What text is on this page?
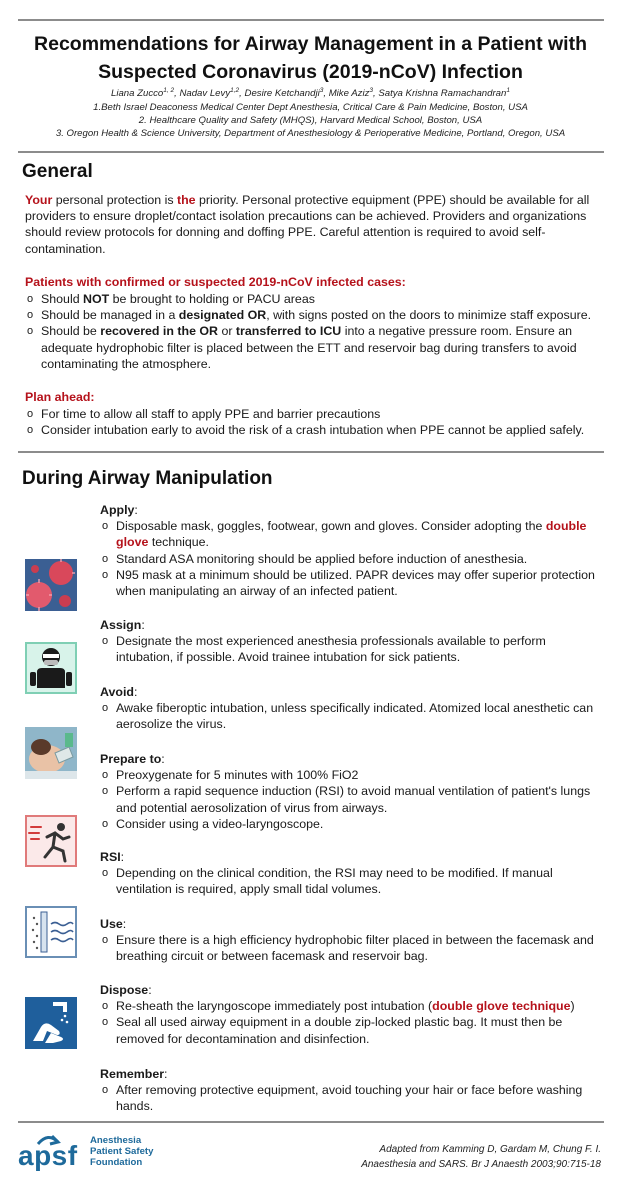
Recommendations for Airway Management in a Patient with
Suspected Coronavirus (2019-nCoV) Infection
Liana Zucco$^{1, 2}$, Nadav Levy$^{1,2}$, Desire Ketchandji$^3$, Mike Aziz$^3$, Satya Krishna Ramachandran$^1$
1.Beth Israel Deaconess Medical Center Dept Anesthesia, Critical Care & Pain Medicine, Boston, USA
2. Healthcare Quality and Safety (MHQS), Harvard Medical School, Boston, USA
3. Oregon Health & Science University, Department of Anesthesiology & Perioperative Medicine, Portland, Oregon, USA
General

Your personal protection is the priority. Personal protective equipment (PPE) should be available for all providers to ensure droplet/contact isolation precautions can be achieved. Providers and organizations should review protocols for donning and doffing PPE. Careful attention is required to avoid self-contamination.

Patients with confirmed or suspected 2019-nCoV infected cases:
o Should NOT be brought to holding or PACU areas
o Should be managed in a designated OR, with signs posted on the doors to minimize staff exposure.
o Should be recovered in the OR or transferred to ICU into a negative pressure room. Ensure an adequate hydrophobic filter is placed between the ETT and reservoir bag during transfers to avoid contaminating the atmosphere.
Plan ahead:
o For time to allow all staff to apply PPE and barrier precautions
o Consider intubation early to avoid the risk of a crash intubation when PPE cannot be applied safely.
During Airway Manipulation
Apply:
o Disposable mask, goggles, footwear, gown and gloves. Consider adopting the double glove technique.
o Standard ASA monitoring should be applied before induction of anesthesia.
o N95 mask at a minimum should be utilized. PAPR devices may offer superior protection when manipulating an airway of an infected patient.
Assign:
o Designate the most experienced anesthesia professionals available to perform intubation, if possible. Avoid trainee intubation for sick patients.
Avoid:
o Awake fiberoptic intubation, unless specifically indicated. Atomized local anesthetic can aerosolize the virus.
Prepare to:
o Preoxygenate for 5 minutes with 100% FiO2
o Perform a rapid sequence induction (RSI) to avoid manual ventilation of patient's lungs and potential aerosolization of virus from airways.
o Consider using a video-laryngoscope.
RSI:
o Depending on the clinical condition, the RSI may need to be modified. If manual ventilation is required, apply small tidal volumes.
Use:
o Ensure there is a high efficiency hydrophobic filter placed in between the facemask and breathing circuit or between facemask and reservoir bag.
Dispose:
o Re-sheath the laryngoscope immediately post intubation (double glove technique)
o Seal all used airway equipment in a double zip-locked plastic bag. It must then be removed for decontamination and disinfection.
Remember:
o After removing protective equipment, avoid touching your hair or face before washing hands.
apsf Anesthesia
Patient Safety
Foundation
Adapted from Kamming D, Gardam M, Chung F. I.
Anaesthesia and SARS. Br J Anaesth 2003;90:715-18
